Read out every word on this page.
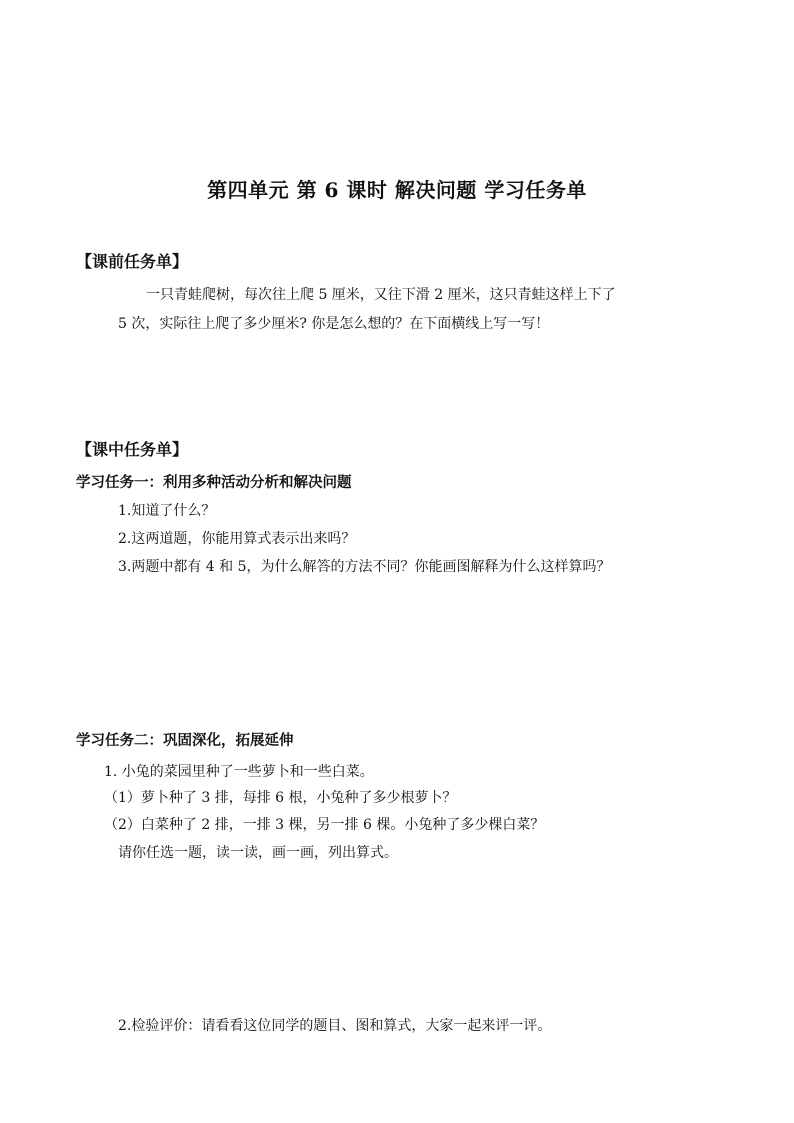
第四单元 第 6 课时 解决问题 学习任务单
【课前任务单】
一只青蛙爬树，每次往上爬 5 厘米，又往下滑 2 厘米，这只青蛙这样上下了
5 次，实际往上爬了多少厘米? 你是怎么想的？在下面横线上写一写！
【课中任务单】
学习任务一：利用多种活动分析和解决问题
1.知道了什么？
2.这两道题，你能用算式表示出来吗？
3.两题中都有 4 和 5，为什么解答的方法不同？你能画图解释为什么这样算吗？
学习任务二：巩固深化，拓展延伸
1. 小兔的菜园里种了一些萝卜和一些白菜。
（1）萝卜种了 3 排，每排 6 根，小兔种了多少根萝卜？
（2）白菜种了 2 排，一排 3 棵，另一排 6 棵。小兔种了多少棵白菜？
请你任选一题，读一读，画一画，列出算式。
2.检验评价：请看看这位同学的题目、图和算式，大家一起来评一评。
